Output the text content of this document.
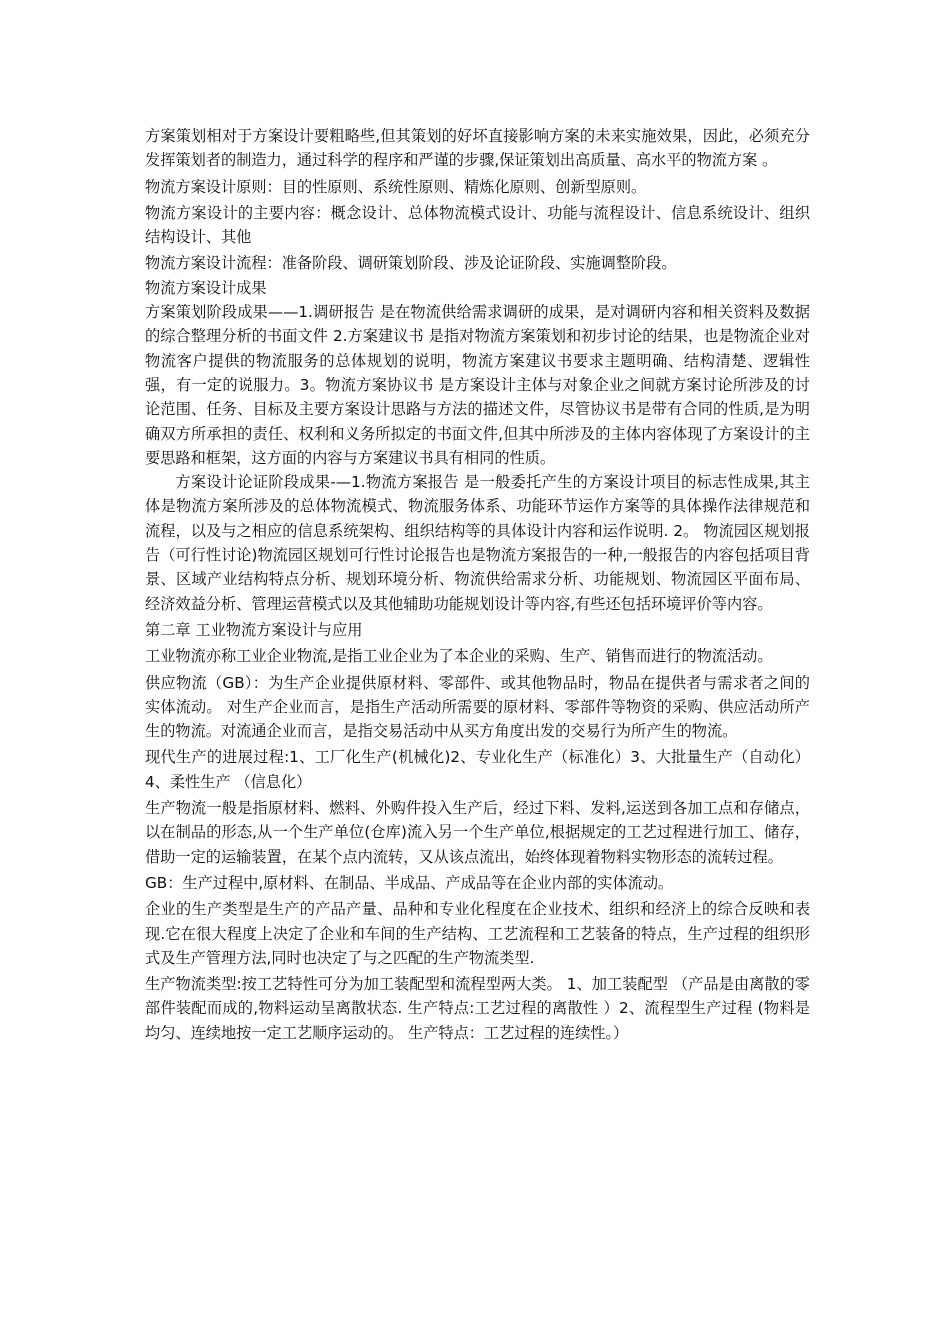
方案策划相对于方案设计要粗略些,但其策划的好坏直接影响方案的未来实施效果，因此，必须充分发挥策划者的制造力，通过科学的程序和严谨的步骤,保证策划出高质量、高水平的物流方案 。

物流方案设计原则：目的性原则、系统性原则、精炼化原则、创新型原则。

物流方案设计的主要内容：概念设计、总体物流模式设计、功能与流程设计、信息系统设计、组织结构设计、其他

物流方案设计流程：准备阶段、调研策划阶段、涉及论证阶段、实施调整阶段。

物流方案设计成果

方案策划阶段成果——1.调研报告 是在物流供给需求调研的成果，是对调研内容和相关资料及数据的综合整理分析的书面文件 2.方案建议书 是指对物流方案策划和初步讨论的结果，也是物流企业对物流客户提供的物流服务的总体规划的说明，物流方案建议书要求主题明确、结构清楚、逻辑性强，有一定的说服力。3。物流方案协议书 是方案设计主体与对象企业之间就方案讨论所涉及的讨论范围、任务、目标及主要方案设计思路与方法的描述文件，尽管协议书是带有合同的性质,是为明确双方所承担的责任、权利和义务所拟定的书面文件,但其中所涉及的主体内容体现了方案设计的主要思路和框架，这方面的内容与方案建议书具有相同的性质。

方案设计论证阶段成果-—1.物流方案报告 是一般委托产生的方案设计项目的标志性成果,其主体是物流方案所涉及的总体物流模式、物流服务体系、功能环节运作方案等的具体操作法律规范和流程，以及与之相应的信息系统架构、组织结构等的具体设计内容和运作说明. 2。 物流园区规划报告（可行性讨论)物流园区规划可行性讨论报告也是物流方案报告的一种,一般报告的内容包括项目背景、区域产业结构特点分析、规划环境分析、物流供给需求分析、功能规划、物流园区平面布局、经济效益分析、管理运营模式以及其他辅助功能规划设计等内容,有些还包括环境评价等内容。

第二章 工业物流方案设计与应用

工业物流亦称工业企业物流,是指工业企业为了本企业的采购、生产、销售而进行的物流活动。

供应物流（GB）：为生产企业提供原材料、零部件、或其他物品时，物品在提供者与需求者之间的实体流动。 对生产企业而言，是指生产活动所需要的原材料、零部件等物资的采购、供应活动所产生的物流。对流通企业而言，是指交易活动中从买方角度出发的交易行为所产生的物流。

现代生产的进展过程:1、工厂化生产(机械化)2、专业化生产（标准化）3、大批量生产（自动化）4、柔性生产 （信息化）

生产物流一般是指原材料、燃料、外购件投入生产后，经过下料、发料,运送到各加工点和存储点，以在制品的形态,从一个生产单位(仓库)流入另一个生产单位,根据规定的工艺过程进行加工、储存，借助一定的运输装置，在某个点内流转，又从该点流出，始终体现着物料实物形态的流转过程。

GB：生产过程中,原材料、在制品、半成品、产成品等在企业内部的实体流动。

企业的生产类型是生产的产品产量、品种和专业化程度在企业技术、组织和经济上的综合反映和表现.它在很大程度上决定了企业和车间的生产结构、工艺流程和工艺装备的特点，生产过程的组织形式及生产管理方法,同时也决定了与之匹配的生产物流类型.

生产物流类型:按工艺特性可分为加工装配型和流程型两大类。 1、加工装配型 （产品是由离散的零部件装配而成的,物料运动呈离散状态. 生产特点:工艺过程的离散性 ）2、流程型生产过程 (物料是均匀、连续地按一定工艺顺序运动的。 生产特点：工艺过程的连续性。）
